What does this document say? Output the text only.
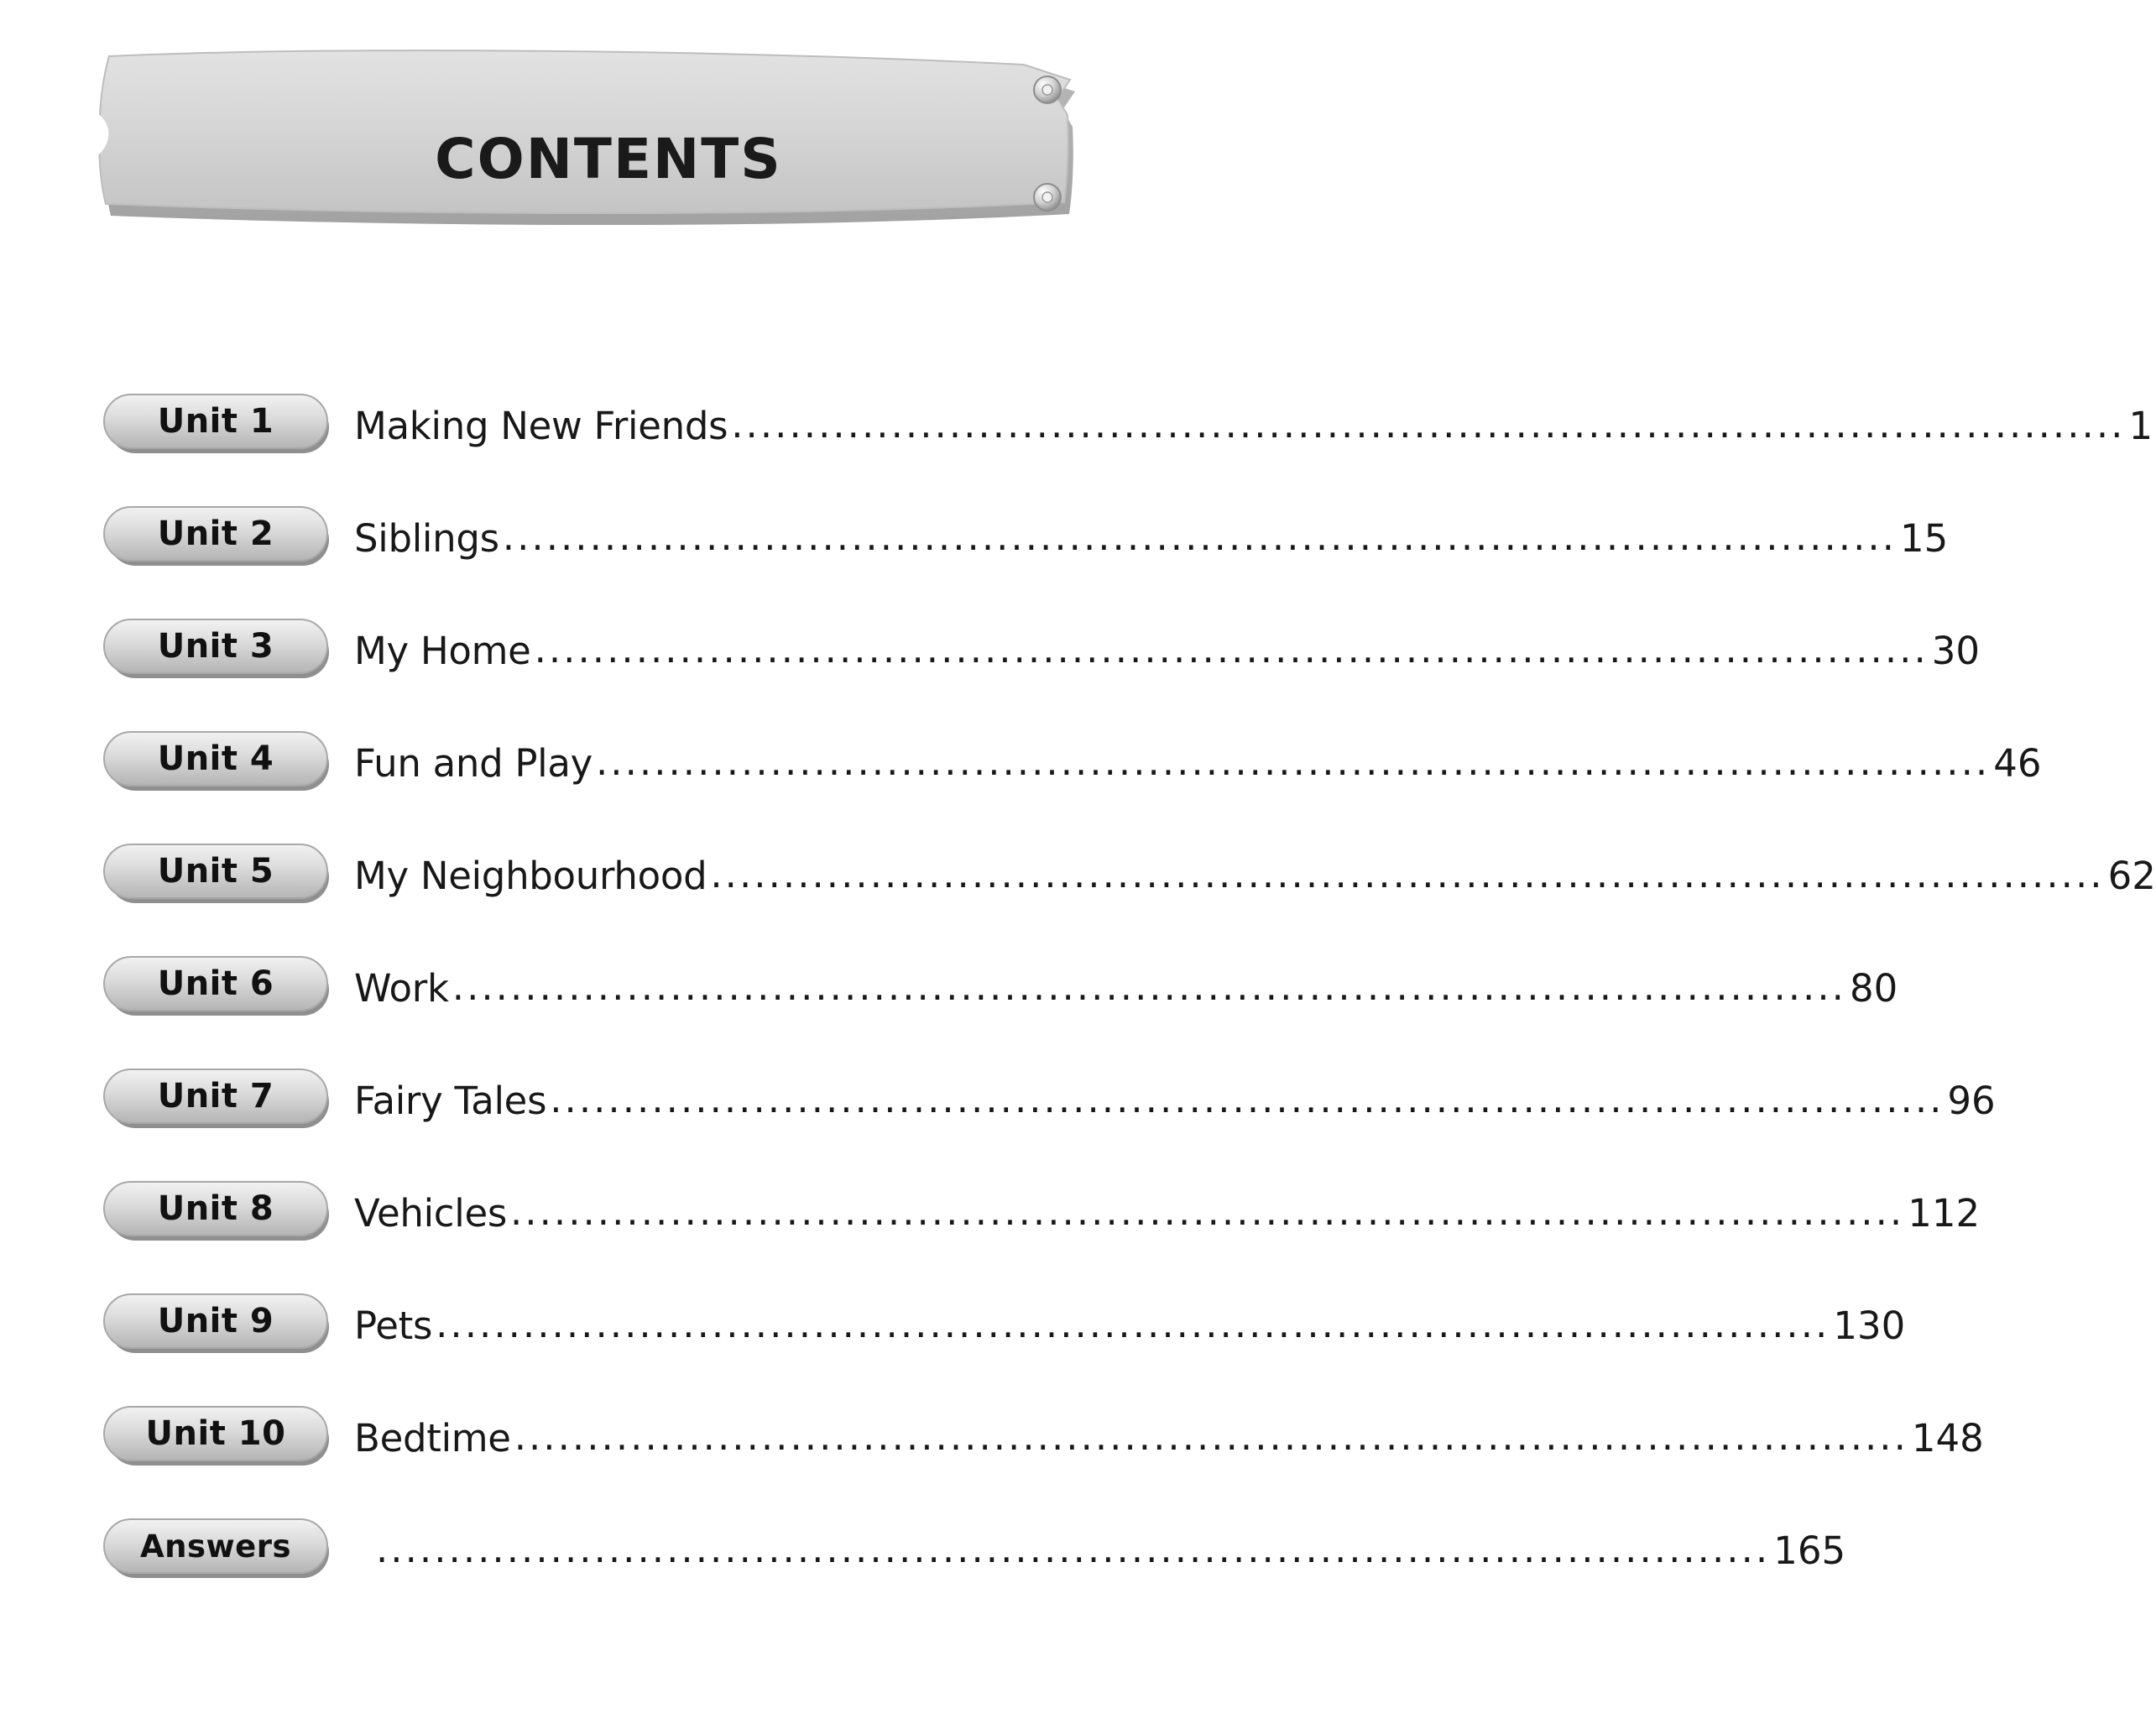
CONTENTS
Unit 1	Making New Friends ................................................................................................ 1
Unit 2	Siblings ................................................................................................ 15
Unit 3	My Home ................................................................................................ 30
Unit 4	Fun and Play ................................................................................................ 46
Unit 5	My Neighbourhood ................................................................................................ 62
Unit 6	Work ................................................................................................ 80
Unit 7	Fairy Tales ................................................................................................ 96
Unit 8	Vehicles ................................................................................................ 112
Unit 9	Pets ................................................................................................ 130
Unit 10	Bedtime ................................................................................................ 148
Answers	................................................................................................ 165
